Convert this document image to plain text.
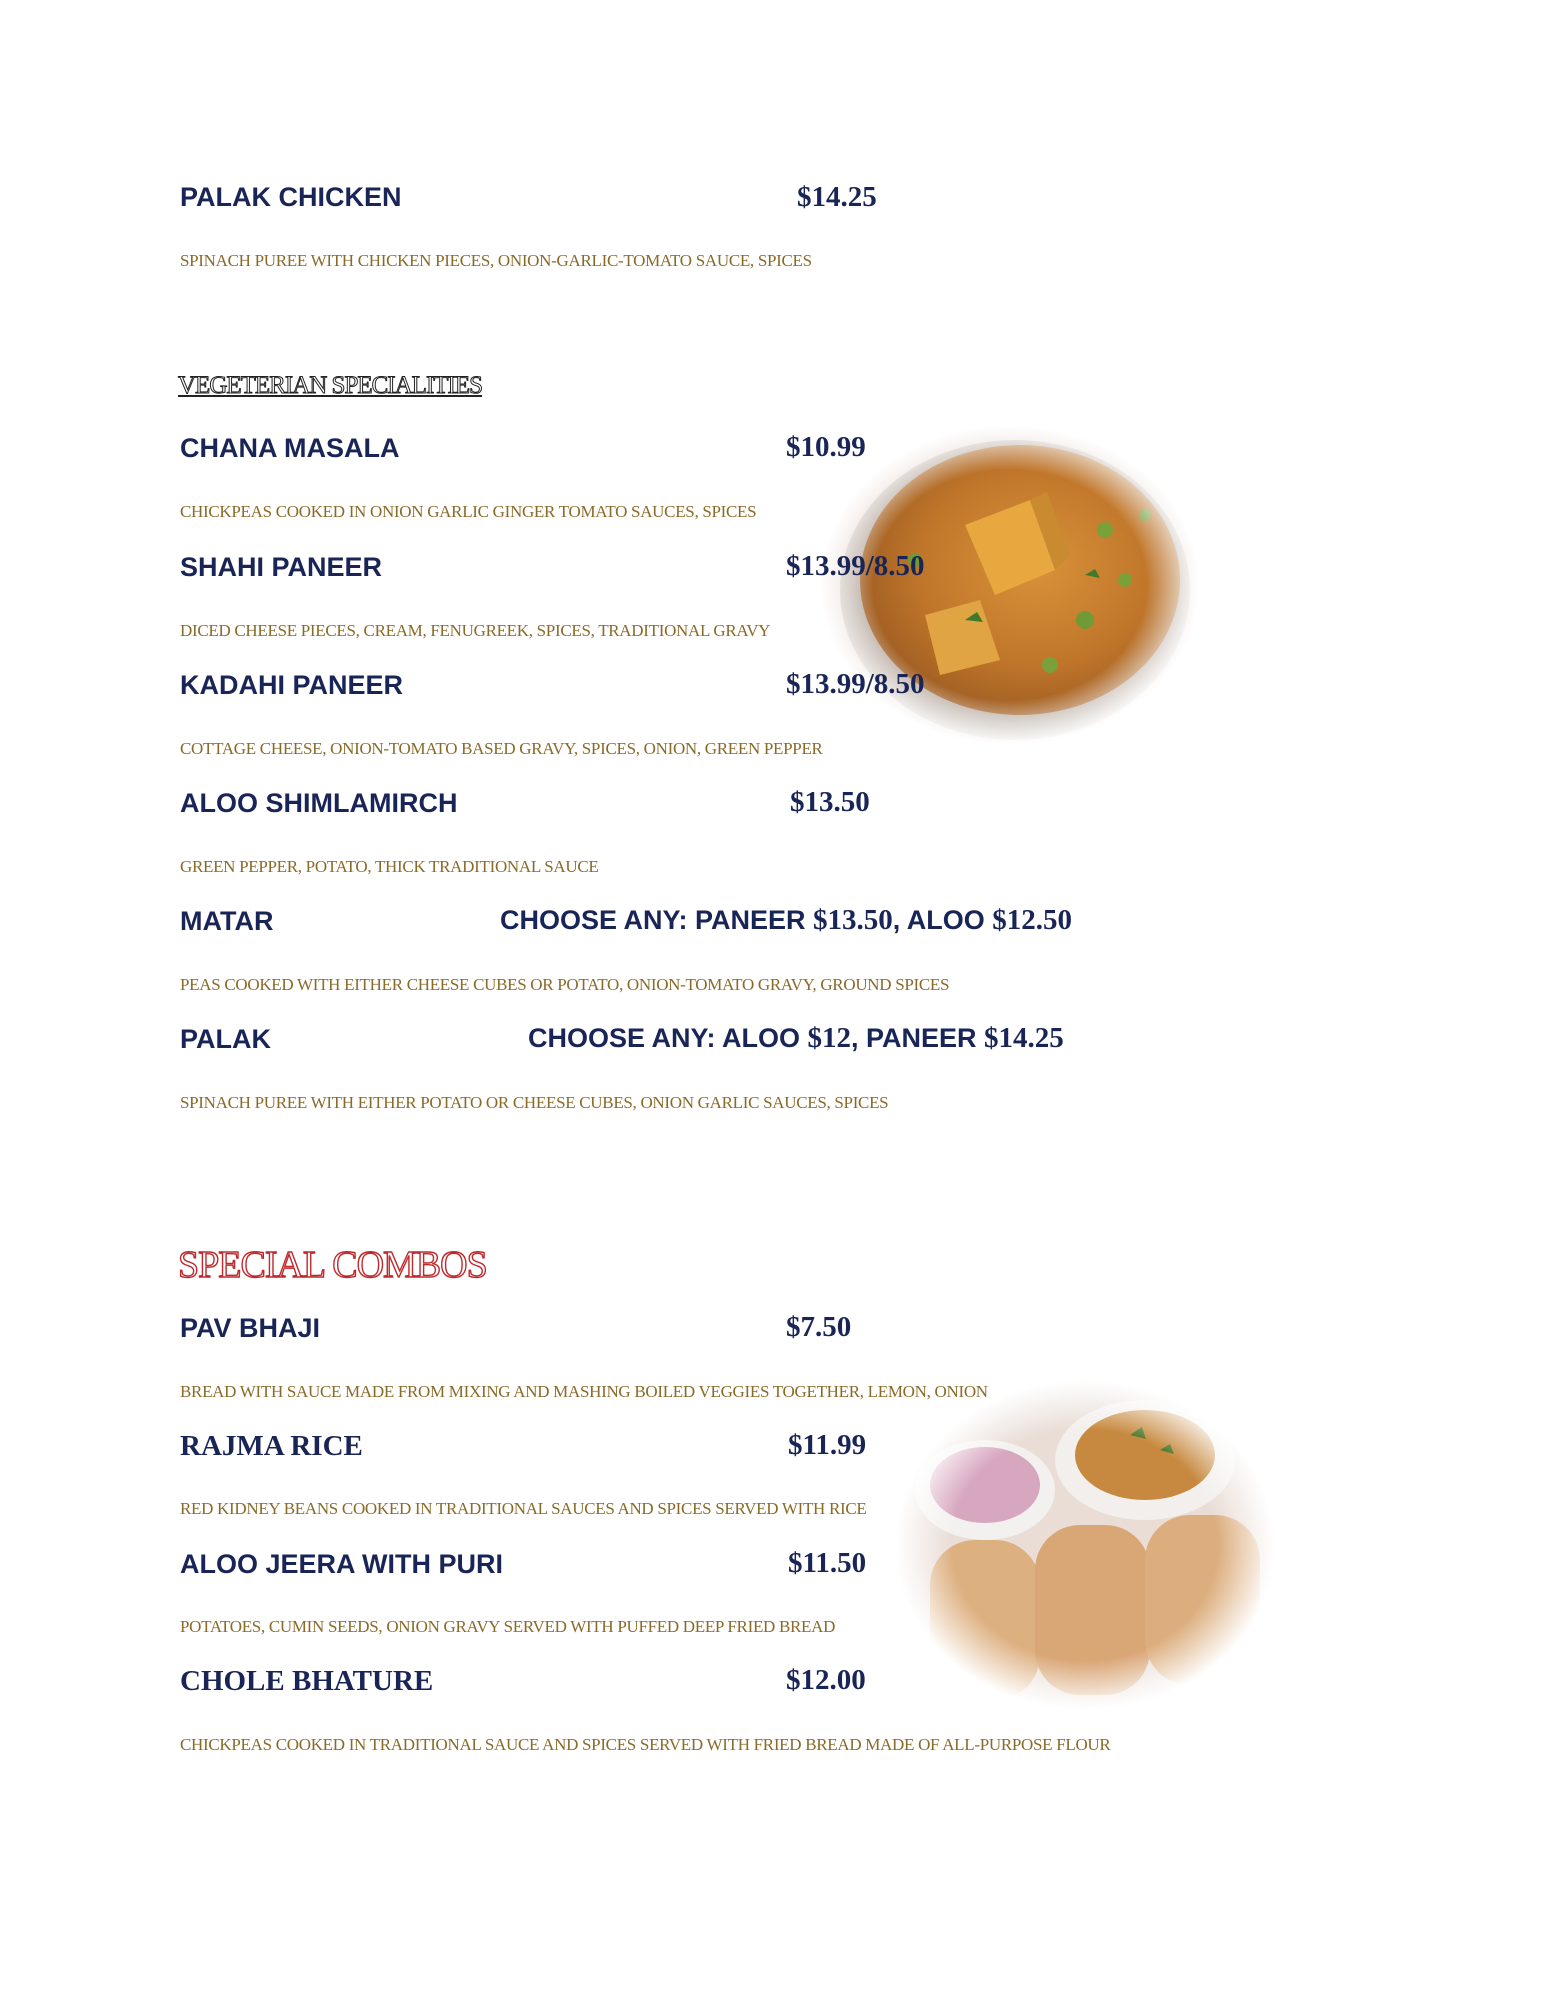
PALAK CHICKEN	$14.25
SPINACH PUREE WITH CHICKEN PIECES, ONION-GARLIC-TOMATO SAUCE, SPICES
VEGETERIAN SPECIALITIES
CHANA MASALA	$10.99
CHICKPEAS COOKED IN ONION GARLIC GINGER TOMATO SAUCES, SPICES
SHAHI PANEER	$13.99/8.50
DICED CHEESE PIECES, CREAM, FENUGREEK, SPICES, TRADITIONAL GRAVY
KADAHI PANEER	$13.99/8.50
COTTAGE CHEESE, ONION-TOMATO BASED GRAVY, SPICES, ONION, GREEN PEPPER
ALOO SHIMLAMIRCH	$13.50
GREEN PEPPER, POTATO, THICK TRADITIONAL SAUCE
MATAR	CHOOSE ANY: PANEER $13.50, ALOO $12.50
PEAS COOKED WITH EITHER CHEESE CUBES OR POTATO, ONION-TOMATO GRAVY, GROUND SPICES
PALAK	CHOOSE ANY: ALOO $12, PANEER $14.25
SPINACH PUREE WITH EITHER POTATO OR CHEESE CUBES, ONION GARLIC SAUCES, SPICES
SPECIAL COMBOS
PAV BHAJI	$7.50
BREAD WITH SAUCE MADE FROM MIXING AND MASHING BOILED VEGGIES TOGETHER, LEMON, ONION
RAJMA RICE	$11.99
RED KIDNEY BEANS COOKED IN TRADITIONAL SAUCES AND SPICES SERVED WITH RICE
ALOO JEERA WITH PURI	$11.50
POTATOES, CUMIN SEEDS, ONION GRAVY SERVED WITH PUFFED DEEP FRIED BREAD
CHOLE BHATURE	$12.00
CHICKPEAS COOKED IN TRADITIONAL SAUCE AND SPICES SERVED WITH FRIED BREAD MADE OF ALL-PURPOSE FLOUR
